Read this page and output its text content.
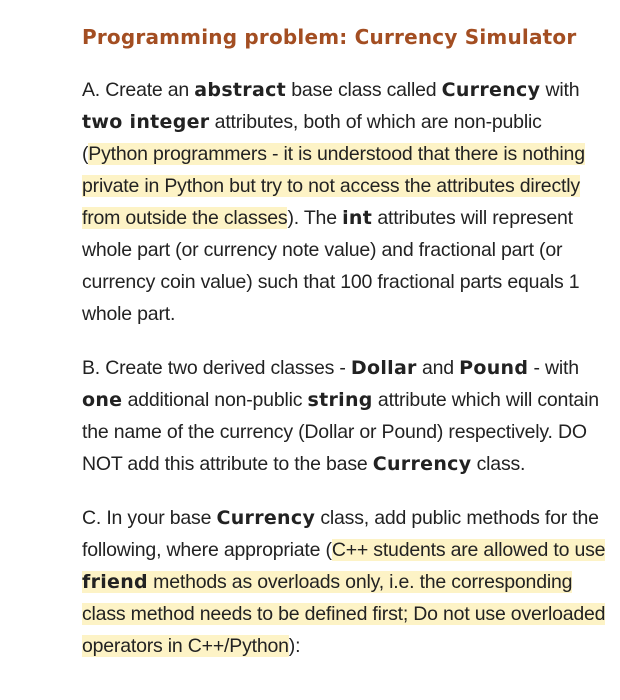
Programming problem: Currency Simulator

A. Create an abstract base class called Currency with two integer attributes, both of which are non-public (Python programmers - it is understood that there is nothing private in Python but try to not access the attributes directly from outside the classes). The int attributes will represent whole part (or currency note value) and fractional part (or currency coin value) such that 100 fractional parts equals 1 whole part.

B. Create two derived classes - Dollar and Pound - with one additional non-public string attribute which will contain the name of the currency (Dollar or Pound) respectively. DO NOT add this attribute to the base Currency class.

C. In your base Currency class, add public methods for the following, where appropriate (C++ students are allowed to use friend methods as overloads only, i.e. the corresponding class method needs to be defined first; Do not use overloaded operators in C++/Python):
